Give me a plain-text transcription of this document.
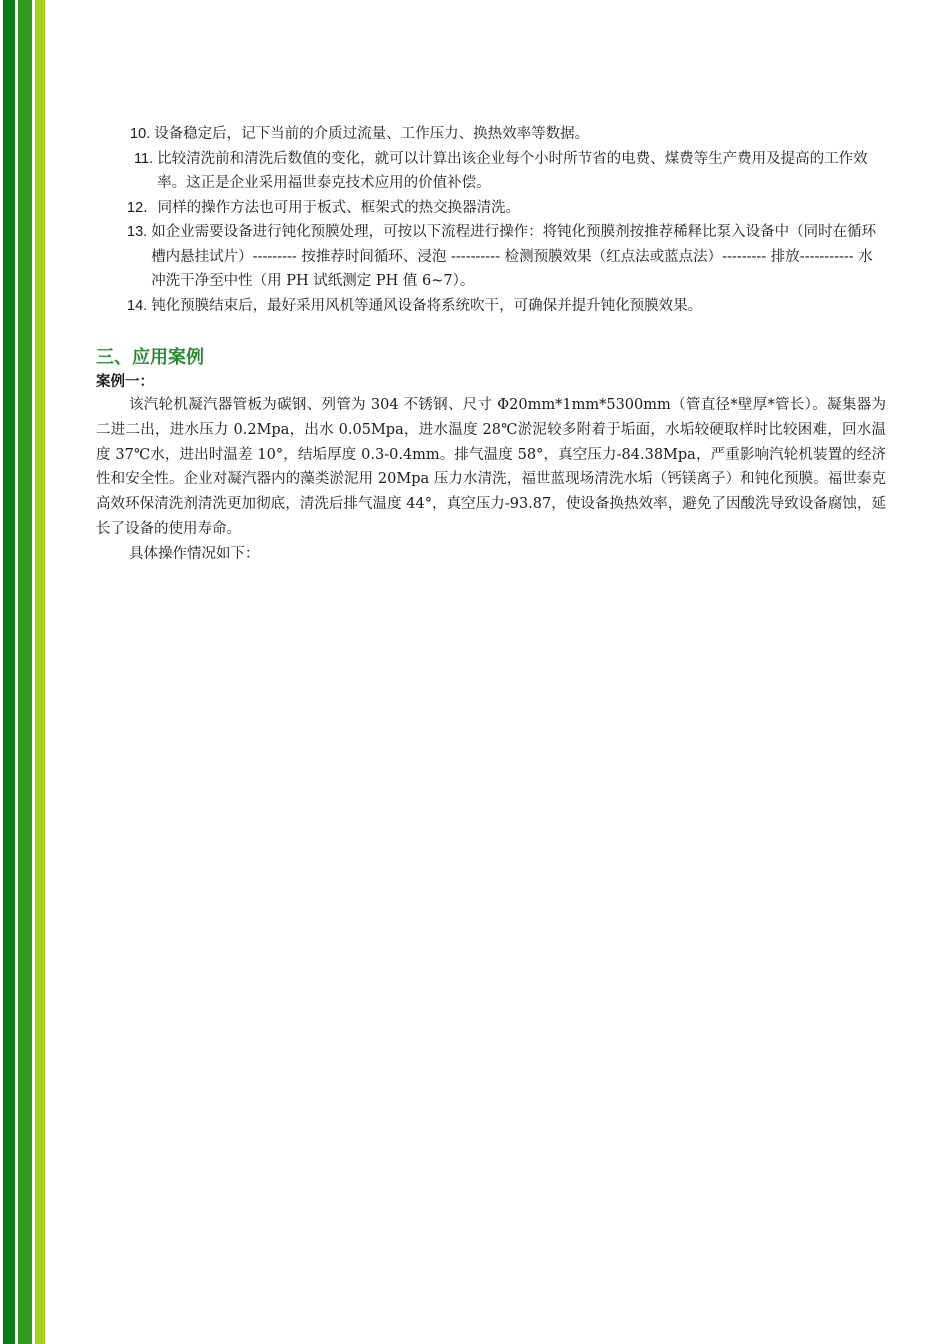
10. 设备稳定后，记下当前的介质过流量、工作压力、换热效率等数据。
11. 比较清洗前和清洗后数值的变化，就可以计算出该企业每个小时所节省的电费、煤费等生产费用及提高的工作效率。这正是企业采用福世泰克技术应用的价值补偿。
12． 同样的操作方法也可用于板式、框架式的热交换器清洗。
13. 如企业需要设备进行钝化预膜处理，可按以下流程进行操作：将钝化预膜剂按推荐稀释比泵入设备中（同时在循环槽内悬挂试片）--------- 按推荐时间循环、浸泡 ---------- 检测预膜效果（红点法或蓝点法）--------- 排放----------- 水冲洗干净至中性（用 PH 试纸测定 PH 值 6~7）。
14. 钝化预膜结束后，最好采用风机等通风设备将系统吹干，可确保并提升钝化预膜效果。
三、应用案例
案例一：

该汽轮机凝汽器管板为碳钢、列管为 304 不锈钢、尺寸 Φ20mm*1mm*5300mm（管直径*壁厚*管长）。凝集器为二进二出，进水压力 0.2Mpa，出水 0.05Mpa，进水温度 28℃淤泥较多附着于垢面，水垢较硬取样时比较困难，回水温度 37℃水，进出时温差 10°，结垢厚度 0.3-0.4mm。排气温度 58°，真空压力-84.38Mpa，严重影响汽轮机装置的经济性和安全性。企业对凝汽器内的藻类淤泥用 20Mpa 压力水清洗，福世蓝现场清洗水垢（钙镁离子）和钝化预膜。福世泰克高效环保清洗剂清洗更加彻底，清洗后排气温度 44°，真空压力-93.87，使设备换热效率，避免了因酸洗导致设备腐蚀，延长了设备的使用寿命。

具体操作情况如下：
